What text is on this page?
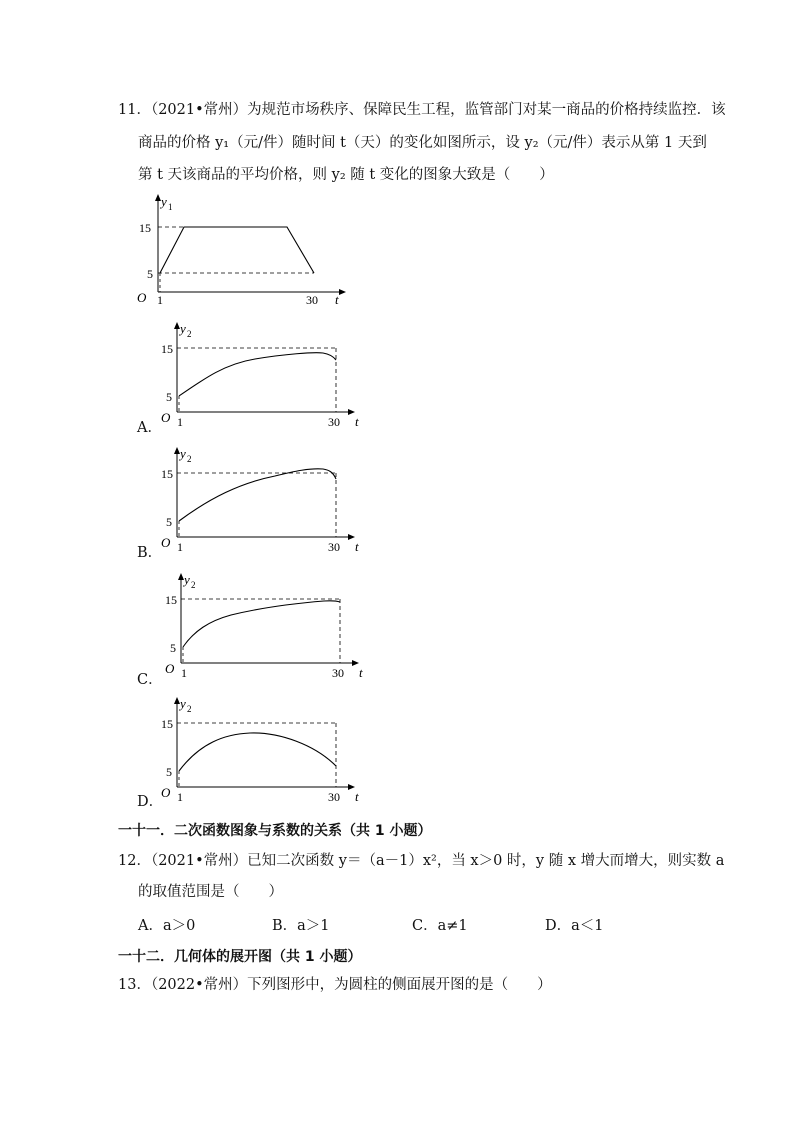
11．（2021•常州）为规范市场秩序、保障民生工程，监管部门对某一商品的价格持续监控．该
商品的价格 y₁（元/件）随时间 t（天）的变化如图所示，设 y₂（元/件）表示从第 1 天到
第 t 天该商品的平均价格，则 y₂ 随 t 变化的图象大致是（　　）
y 1
15
5
O 1	30 t
A．
y 2
15
5
O 1	30 t
B．
y 2
15
5
O 1	30 t
C．
y 2
15
5
O 1	30 t
D．
y 2
15
5
O 1	30 t
一十一．二次函数图象与系数的关系（共 1 小题）
12．（2021•常州）已知二次函数 y＝（a－1）x²，当 x＞0 时，y 随 x 增大而增大，则实数 a
的取值范围是（　　）
A．a＞0	B．a＞1	C．a≠1	D．a＜1
一十二．几何体的展开图（共 1 小题）
13．（2022•常州）下列图形中，为圆柱的侧面展开图的是（　　）
